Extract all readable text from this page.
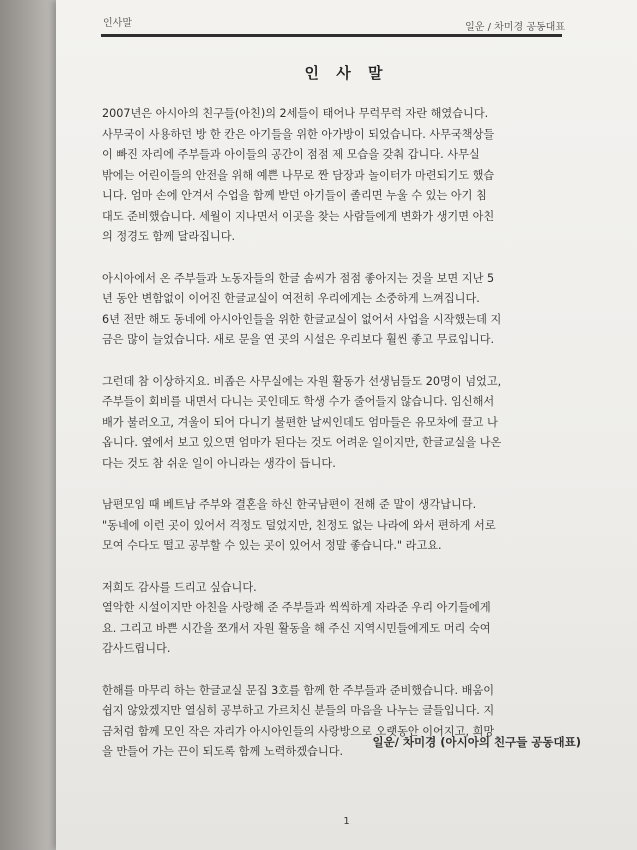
인사말	일운 / 차미경 공동대표
인 사 말
2007년은 아시아의 친구들(아친)의 2세들이 태어나 무럭무럭 자란 해였습니다.
사무국이 사용하던 방 한 칸은 아기들을 위한 아가방이 되었습니다. 사무국책상들
이 빠진 자리에 주부들과 아이들의 공간이 점점 제 모습을 갖춰 갑니다. 사무실
밖에는 어린이들의 안전을 위해 예쁜 나무로 짠 담장과 놀이터가 마련되기도 했습
니다. 엄마 손에 안겨서 수업을 함께 받던 아기들이 졸리면 누울 수 있는 아기 침
대도 준비했습니다. 세월이 지나면서 이곳을 찾는 사람들에게 변화가 생기면 아친
의 정경도 함께 달라집니다.
아시아에서 온 주부들과 노동자들의 한글 솜씨가 점점 좋아지는 것을 보면 지난 5
년 동안 변함없이 이어진 한글교실이 여전히 우리에게는 소중하게 느껴집니다.
6년 전만 해도 동네에 아시아인들을 위한 한글교실이 없어서 사업을 시작했는데 지
금은 많이 늘었습니다. 새로 문을 연 곳의 시설은 우리보다 훨씬 좋고 무료입니다.
그런데 참 이상하지요. 비좁은 사무실에는 자원 활동가 선생님들도 20명이 넘었고,
주부들이 회비를 내면서 다니는 곳인데도 학생 수가 줄어들지 않습니다. 임신해서
배가 불러오고, 겨울이 되어 다니기 불편한 날씨인데도 엄마들은 유모차에 끌고 나
옵니다. 옆에서 보고 있으면 엄마가 된다는 것도 어려운 일이지만, 한글교실을 나온
다는 것도 참 쉬운 일이 아니라는 생각이 듭니다.
남편모임 때 베트남 주부와 결혼을 하신 한국남편이 전해 준 말이 생각납니다.
"동네에 이런 곳이 있어서 걱정도 덜었지만, 친정도 없는 나라에 와서 편하게 서로
모여 수다도 떨고 공부할 수 있는 곳이 있어서 정말 좋습니다." 라고요.
저희도 감사를 드리고 싶습니다.
열악한 시설이지만 아친을 사랑해 준 주부들과 씩씩하게 자라준 우리 아기들에게
요. 그리고 바쁜 시간을 쪼개서 자원 활동을 해 주신 지역시민들에게도 머리 숙여
감사드립니다.
한해를 마무리 하는 한글교실 문집 3호를 함께 한 주부들과 준비했습니다. 배움이
쉽지 않았겠지만 열심히 공부하고 가르치신 분들의 마음을 나누는 글들입니다. 지
금처럼 함께 모인 작은 자리가 아시아인들의 사랑방으로 오랫동안 이어지고, 희망
을 만들어 가는 끈이 되도록 함께 노력하겠습니다.
일운/ 차미경 (아시아의 친구들 공동대표)
1
